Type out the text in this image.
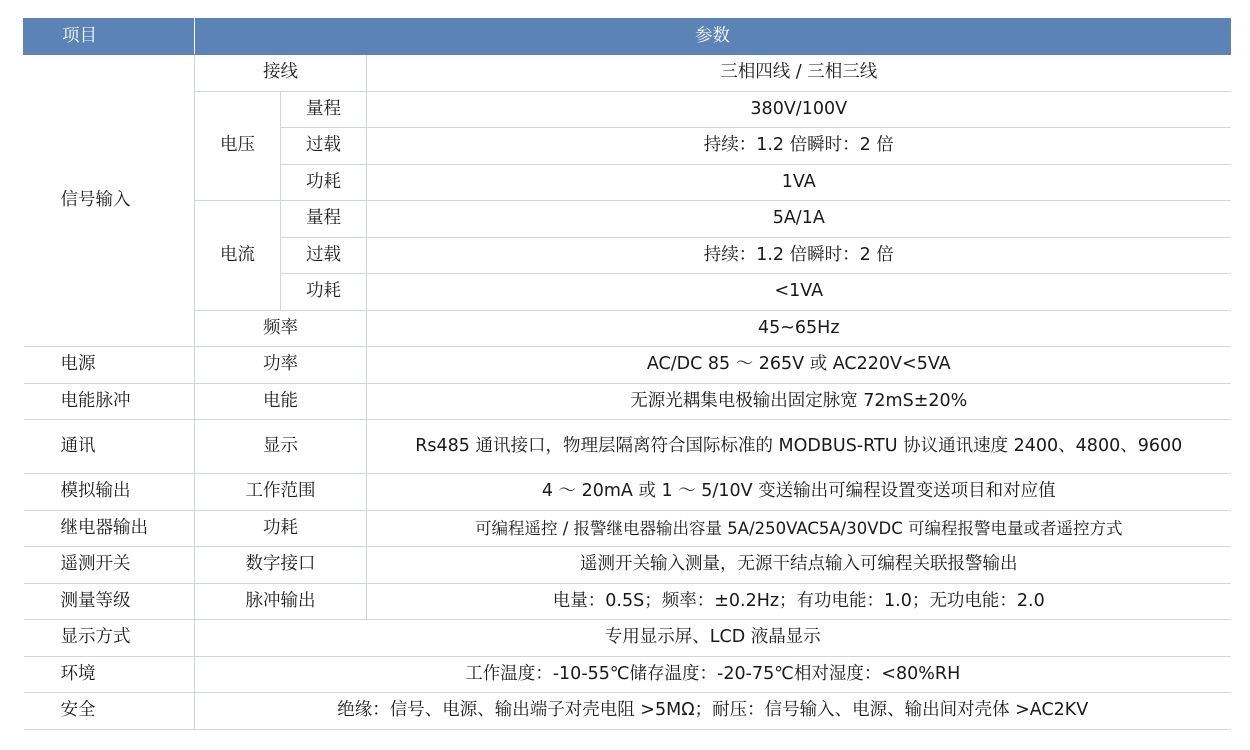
项目	参数		
信号输入	接线		三相四线 / 三相三线
	电压	量程	380V/100V
		过载	持续：1.2 倍瞬时：2 倍
		功耗	1VA
	电流	量程	5A/1A
		过载	持续：1.2 倍瞬时：2 倍
		功耗	<1VA
	频率		45~65Hz
电源	功率		AC/DC 85 ～ 265V 或 AC220V<5VA
电能脉冲	电能		无源光耦集电极输出固定脉宽 72mS±20%
通讯	显示		Rs485 通讯接口，物理层隔离符合国际标准的 MODBUS-RTU 协议通讯速度 2400、4800、9600
模拟输出	工作范围		4 ～ 20mA 或 1 ～ 5/10V 变送输出可编程设置变送项目和对应值
继电器输出	功耗		可编程遥控 / 报警继电器输出容量 5A/250VAC5A/30VDC 可编程报警电量或者遥控方式
遥测开关	数字接口		遥测开关输入测量，无源干结点输入可编程关联报警输出
测量等级	脉冲输出		电量：0.5S；频率：±0.2Hz；有功电能：1.0；无功电能：2.0
显示方式	专用显示屏、LCD 液晶显示		
环境	工作温度：-10-55℃储存温度：-20-75℃相对湿度：<80%RH		
安全	绝缘：信号、电源、输出端子对壳电阻 >5MΩ；耐压：信号输入、电源、输出间对壳体 >AC2KV		
